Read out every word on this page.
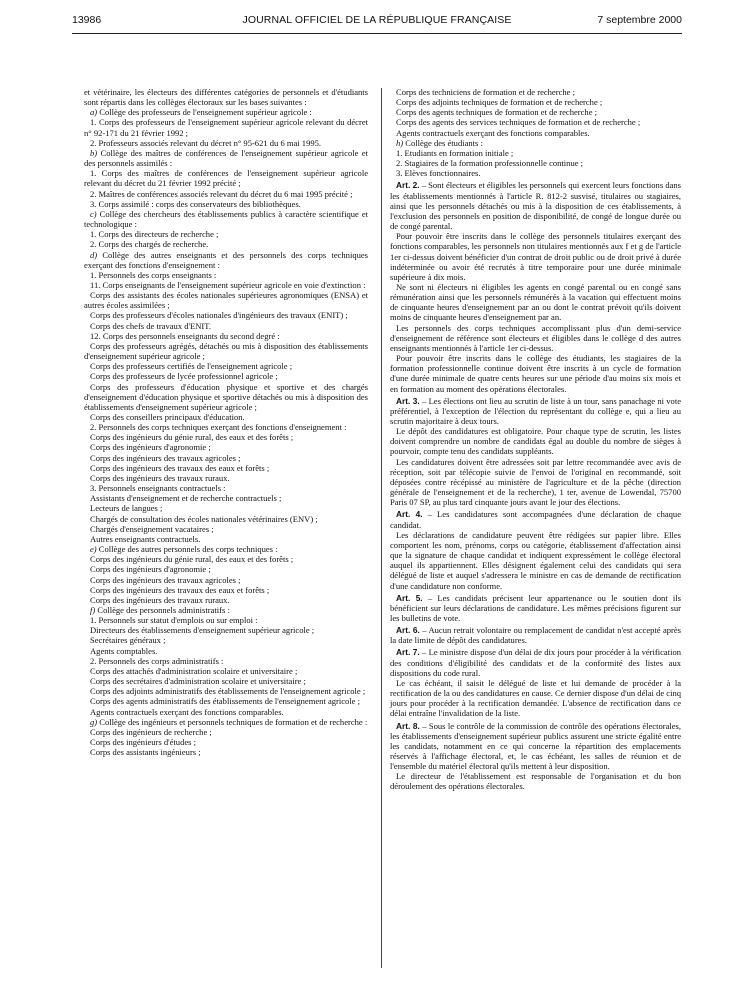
13986	JOURNAL OFFICIEL DE LA RÉPUBLIQUE FRANÇAISE	7 septembre 2000

et vétérinaire, les électeurs des différentes catégories de personnels et d'étudiants sont répartis dans les collèges électoraux sur les bases suivantes :

a) Collège des professeurs de l'enseignement supérieur agricole :

1. Corps des professeurs de l'enseignement supérieur agricole relevant du décret n° 92-171 du 21 février 1992 ;

2. Professeurs associés relevant du décret n° 95-621 du 6 mai 1995.

b) Collège des maîtres de conférences de l'enseignement supérieur agricole et des personnels assimilés :

1. Corps des maîtres de conférences de l'enseignement supérieur agricole relevant du décret du 21 février 1992 précité ;

2. Maîtres de conférences associés relevant du décret du 6 mai 1995 précité ;

3. Corps assimilé : corps des conservateurs des bibliothèques.

c) Collège des chercheurs des établissements publics à caractère scientifique et technologique :

1. Corps des directeurs de recherche ;

2. Corps des chargés de recherche.

d) Collège des autres enseignants et des personnels des corps techniques exerçant des fonctions d'enseignement :

1. Personnels des corps enseignants :

11. Corps enseignants de l'enseignement supérieur agricole en voie d'extinction :

Corps des assistants des écoles nationales supérieures agronomiques (ENSA) et autres écoles assimilées ;

Corps des professeurs d'écoles nationales d'ingénieurs des travaux (ENIT) ;

Corps des chefs de travaux d'ENIT.

12. Corps des personnels enseignants du second degré :

Corps des professeurs agrégés, détachés ou mis à disposition des établissements d'enseignement supérieur agricole ;

Corps des professeurs certifiés de l'enseignement agricole ;

Corps des professeurs de lycée professionnel agricole ;

Corps des professeurs d'éducation physique et sportive et des chargés d'enseignement d'éducation physique et sportive détachés ou mis à disposition des établissements d'enseignement supérieur agricole ;

Corps des conseillers principaux d'éducation.

2. Personnels des corps techniques exerçant des fonctions d'enseignement :

Corps des ingénieurs du génie rural, des eaux et des forêts ;

Corps des ingénieurs d'agronomie ;

Corps des ingénieurs des travaux agricoles ;

Corps des ingénieurs des travaux des eaux et forêts ;

Corps des ingénieurs des travaux ruraux.

3. Personnels enseignants contractuels :

Assistants d'enseignement et de recherche contractuels ;

Lecteurs de langues ;

Chargés de consultation des écoles nationales vétérinaires (ENV) ;

Chargés d'enseignement vacataires ;

Autres enseignants contractuels.

e) Collège des autres personnels des corps techniques :

Corps des ingénieurs du génie rural, des eaux et des forêts ;

Corps des ingénieurs d'agronomie ;

Corps des ingénieurs des travaux agricoles ;

Corps des ingénieurs des travaux des eaux et forêts ;

Corps des ingénieurs des travaux ruraux.

f) Collège des personnels administratifs :

1. Personnels sur statut d'emplois ou sur emploi :

Directeurs des établissements d'enseignement supérieur agricole ;

Secrétaires généraux ;

Agents comptables.

2. Personnels des corps administratifs :

Corps des attachés d'administration scolaire et universitaire ;

Corps des secrétaires d'administration scolaire et universitaire ;

Corps des adjoints administratifs des établissements de l'enseignement agricole ;

Corps des agents administratifs des établissements de l'enseignement agricole ;

Agents contractuels exerçant des fonctions comparables.

g) Collège des ingénieurs et personnels techniques de formation et de recherche :

Corps des ingénieurs de recherche ;

Corps des ingénieurs d'études ;

Corps des assistants ingénieurs ;

Corps des techniciens de formation et de recherche ;

Corps des adjoints techniques de formation et de recherche ;

Corps des agents techniques de formation et de recherche ;

Corps des agents des services techniques de formation et de recherche ;

Agents contractuels exerçant des fonctions comparables.

h) Collège des étudiants :

1. Etudiants en formation initiale ;

2. Stagiaires de la formation professionnelle continue ;

3. Elèves fonctionnaires.

Art. 2. – Sont électeurs et éligibles les personnels qui exercent leurs fonctions dans les établissements mentionnés à l'article R. 812-2 susvisé, titulaires ou stagiaires, ainsi que les personnels détachés ou mis à la disposition de ces établissements, à l'exclusion des personnels en position de disponibilité, de congé de longue durée ou de congé parental.

Pour pouvoir être inscrits dans le collège des personnels titulaires exerçant des fonctions comparables, les personnels non titulaires mentionnés aux f et g de l'article 1er ci-dessus doivent bénéficier d'un contrat de droit public ou de droit privé à durée indéterminée ou avoir été recrutés à titre temporaire pour une durée minimale supérieure à dix mois.

Ne sont ni électeurs ni éligibles les agents en congé parental ou en congé sans rémunération ainsi que les personnels rémunérés à la vacation qui effectuent moins de cinquante heures d'enseignement par an ou dont le contrat prévoit qu'ils doivent moins de cinquante heures d'enseignement par an.

Les personnels des corps techniques accomplissant plus d'un demi-service d'enseignement de référence sont électeurs et éligibles dans le collège d des autres enseignants mentionnés à l'article 1er ci-dessus.

Pour pouvoir être inscrits dans le collège des étudiants, les stagiaires de la formation professionnelle continue doivent être inscrits à un cycle de formation d'une durée minimale de quatre cents heures sur une période d'au moins six mois et en formation au moment des opérations électorales.

Art. 3. – Les élections ont lieu au scrutin de liste à un tour, sans panachage ni vote préférentiel, à l'exception de l'élection du représentant du collège e, qui a lieu au scrutin majoritaire à deux tours.

Le dépôt des candidatures est obligatoire. Pour chaque type de scrutin, les listes doivent comprendre un nombre de candidats égal au double du nombre de sièges à pourvoir, compte tenu des candidats suppléants.

Les candidatures doivent être adressées soit par lettre recommandée avec avis de réception, soit par télécopie suivie de l'envoi de l'original en recommandé, soit déposées contre récépissé au ministère de l'agriculture et de la pêche (direction générale de l'enseignement et de la recherche), 1 ter, avenue de Lowendal, 75700 Paris 07 SP, au plus tard cinquante jours avant le jour des élections.

Art. 4. – Les candidatures sont accompagnées d'une déclaration de chaque candidat.

Les déclarations de candidature peuvent être rédigées sur papier libre. Elles comportent les nom, prénoms, corps ou catégorie, établissement d'affectation ainsi que la signature de chaque candidat et indiquent expressément le collège électoral auquel ils appartiennent. Elles désignent également celui des candidats qui sera délégué de liste et auquel s'adressera le ministre en cas de demande de rectification d'une candidature non conforme.

Art. 5. – Les candidats précisent leur appartenance ou le soutien dont ils bénéficient sur leurs déclarations de candidature. Les mêmes précisions figurent sur les bulletins de vote.

Art. 6. – Aucun retrait volontaire ou remplacement de candidat n'est accepté après la date limite de dépôt des candidatures.

Art. 7. – Le ministre dispose d'un délai de dix jours pour procéder à la vérification des conditions d'éligibilité des candidats et de la conformité des listes aux dispositions du code rural.

Le cas échéant, il saisit le délégué de liste et lui demande de procéder à la rectification de la ou des candidatures en cause. Ce dernier dispose d'un délai de cinq jours pour procéder à la rectification demandée. L'absence de rectification dans ce délai entraîne l'invalidation de la liste.

Art. 8. – Sous le contrôle de la commission de contrôle des opérations électorales, les établissements d'enseignement supérieur publics assurent une stricte égalité entre les candidats, notamment en ce qui concerne la répartition des emplacements réservés à l'affichage électoral, et, le cas échéant, les salles de réunion et de l'ensemble du matériel électoral qu'ils mettent à leur disposition.

Le directeur de l'établissement est responsable de l'organisation et du bon déroulement des opérations électorales.
